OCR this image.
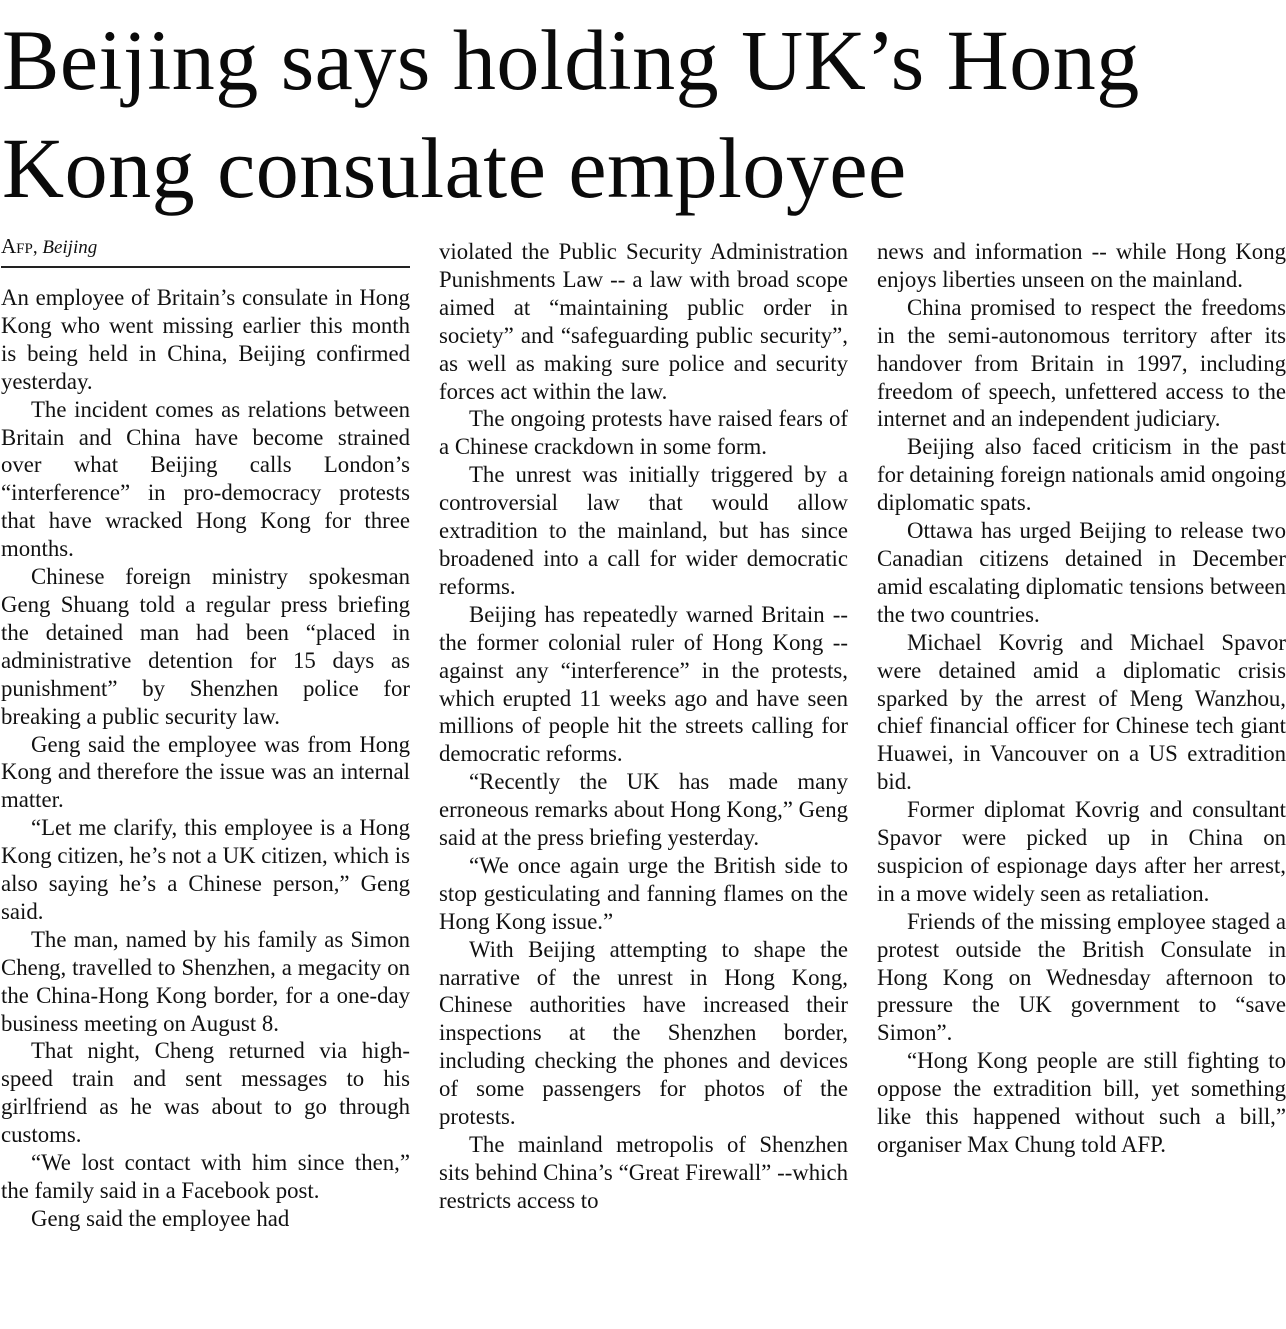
Beijing says holding UK’s Hong Kong consulate employee
Afp, Beijing

An employee of Britain’s consulate in Hong Kong who went missing earlier this month is being held in China, Beijing confirmed yesterday.

The incident comes as relations between Britain and China have become strained over what Beijing calls London’s “interference” in pro-democracy protests that have wracked Hong Kong for three months.

Chinese foreign ministry spokesman Geng Shuang told a regular press briefing the detained man had been “placed in administrative detention for 15 days as punishment” by Shenzhen police for breaking a public security law.

Geng said the employee was from Hong Kong and therefore the issue was an internal matter.

“Let me clarify, this employee is a Hong Kong citizen, he’s not a UK citizen, which is also saying he’s a Chinese person,” Geng said.

The man, named by his family as Simon Cheng, travelled to Shenzhen, a megacity on the China-Hong Kong border, for a one-day business meeting on August 8.

That night, Cheng returned via high-speed train and sent messages to his girlfriend as he was about to go through customs.

“We lost contact with him since then,” the family said in a Facebook post.

Geng said the employee had

violated the Public Security Administration Punishments Law -- a law with broad scope aimed at “maintaining public order in society” and “safeguarding public security”, as well as making sure police and security forces act within the law.

The ongoing protests have raised fears of a Chinese crackdown in some form.

The unrest was initially triggered by a controversial law that would allow extradition to the mainland, but has since broadened into a call for wider democratic reforms.

Beijing has repeatedly warned Britain -- the former colonial ruler of Hong Kong -- against any “interference” in the protests, which erupted 11 weeks ago and have seen millions of people hit the streets calling for democratic reforms.

“Recently the UK has made many erroneous remarks about Hong Kong,” Geng said at the press briefing yesterday.

“We once again urge the British side to stop gesticulating and fanning flames on the Hong Kong issue.”

With Beijing attempting to shape the narrative of the unrest in Hong Kong, Chinese authorities have increased their inspections at the Shenzhen border, including checking the phones and devices of some passengers for photos of the protests.

The mainland metropolis of Shenzhen sits behind China’s “Great Firewall” --which restricts access to

news and information -- while Hong Kong enjoys liberties unseen on the mainland.

China promised to respect the freedoms in the semi-autonomous territory after its handover from Britain in 1997, including freedom of speech, unfettered access to the internet and an independent judiciary.

Beijing also faced criticism in the past for detaining foreign nationals amid ongoing diplomatic spats.

Ottawa has urged Beijing to release two Canadian citizens detained in December amid escalating diplomatic tensions between the two countries.

Michael Kovrig and Michael Spavor were detained amid a diplomatic crisis sparked by the arrest of Meng Wanzhou, chief financial officer for Chinese tech giant Huawei, in Vancouver on a US extradition bid.

Former diplomat Kovrig and consultant Spavor were picked up in China on suspicion of espionage days after her arrest, in a move widely seen as retaliation.

Friends of the missing employee staged a protest outside the British Consulate in Hong Kong on Wednesday afternoon to pressure the UK government to “save Simon”.

“Hong Kong people are still fighting to oppose the extradition bill, yet something like this happened without such a bill,” organiser Max Chung told AFP.
